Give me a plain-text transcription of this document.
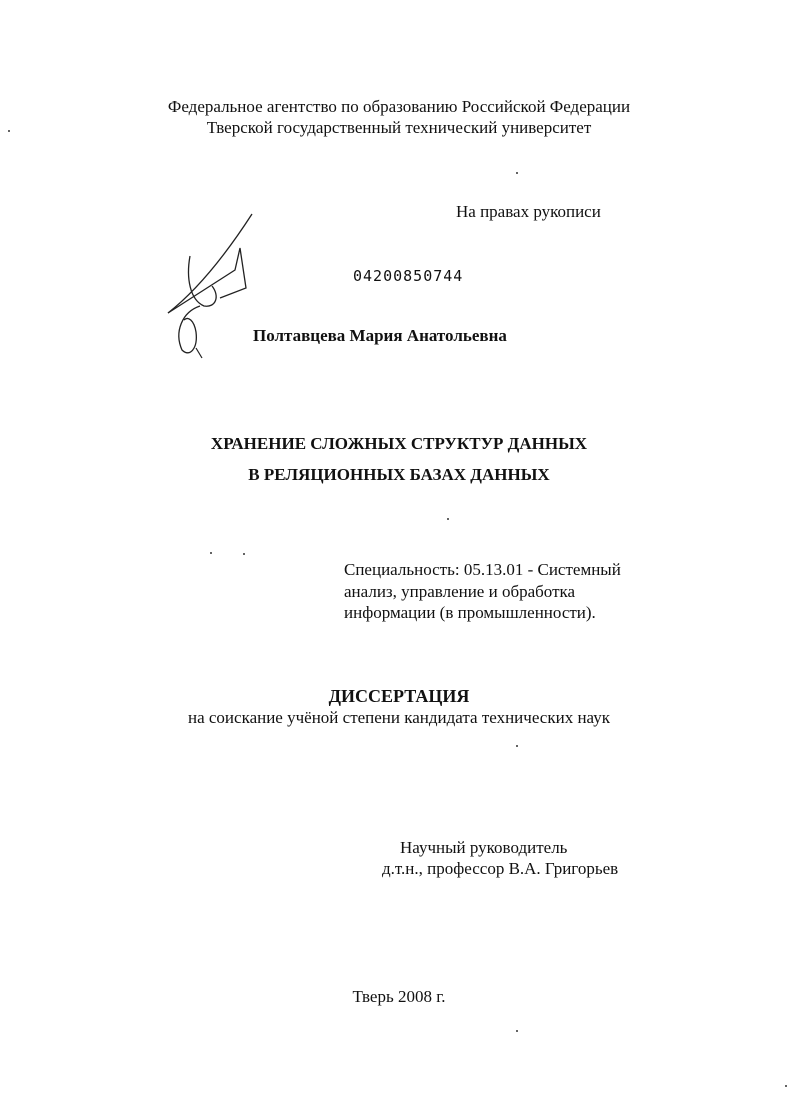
Федеральное агентство по образованию Российской Федерации
Тверской государственный технический университет
На правах рукописи
04200850744
Полтавцева Мария Анатольевна
ХРАНЕНИЕ СЛОЖНЫХ СТРУКТУР ДАННЫХ
В РЕЛЯЦИОННЫХ БАЗАХ ДАННЫХ
Специальность: 05.13.01 - Системный
анализ, управление и обработка
информации (в промышленности).
ДИССЕРТАЦИЯ
на соискание учёной степени кандидата технических наук
Научный руководитель
д.т.н., профессор В.А. Григорьев
Тверь 2008 г.
